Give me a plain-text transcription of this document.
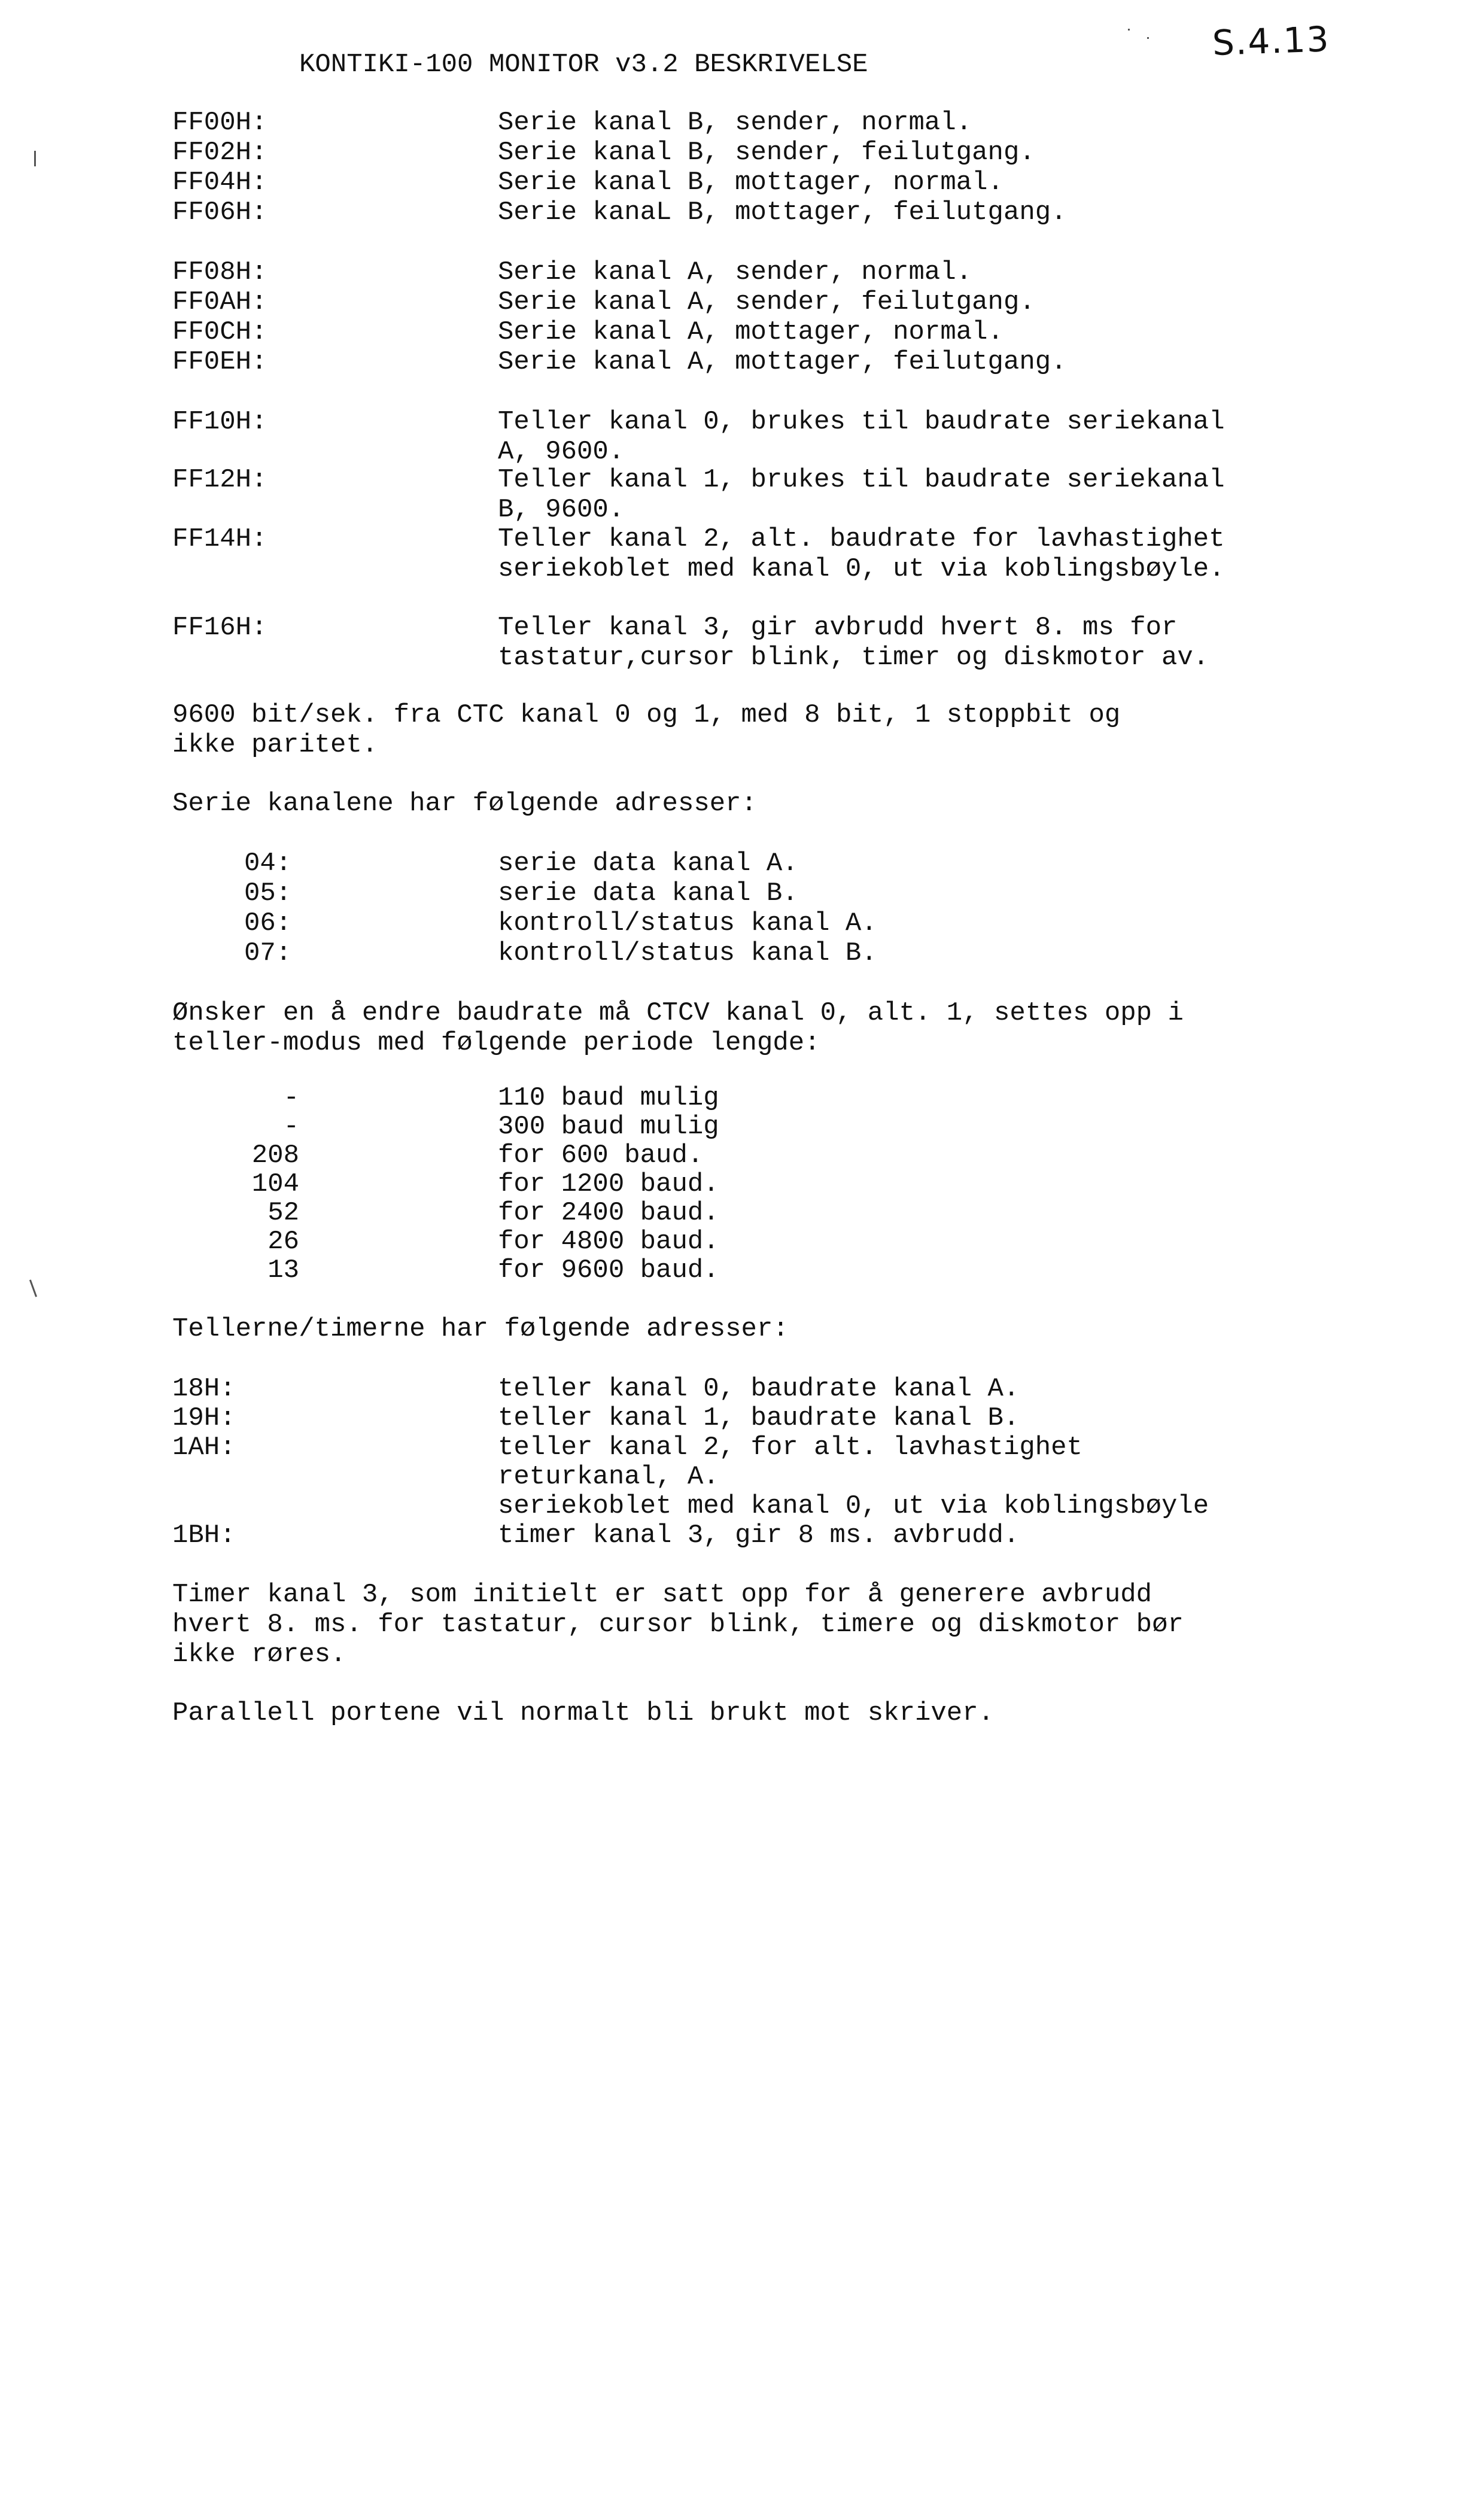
KONTIKI-100 MONITOR v3.2 BESKRIVELSE
S.4.13
FF00H:	Serie kanal B, sender, normal.
FF02H:	Serie kanal B, sender, feilutgang.
FF04H:	Serie kanal B, mottager, normal.
FF06H:	Serie kanaL B, mottager, feilutgang.
FF08H:	Serie kanal A, sender, normal.
FF0AH:	Serie kanal A, sender, feilutgang.
FF0CH:	Serie kanal A, mottager, normal.
FF0EH:	Serie kanal A, mottager, feilutgang.
FF10H:	Teller kanal 0, brukes til baudrate seriekanal
A, 9600.
FF12H:	Teller kanal 1, brukes til baudrate seriekanal
B, 9600.
FF14H:	Teller kanal 2, alt. baudrate for lavhastighet
seriekoblet med kanal 0, ut via koblingsbøyle.
FF16H:	Teller kanal 3, gir avbrudd hvert 8. ms for
tastatur,cursor blink, timer og diskmotor av.
9600 bit/sek. fra CTC kanal 0 og 1, med 8 bit, 1 stoppbit og
ikke paritet.
Serie kanalene har følgende adresser:
04:	serie data kanal A.
05:	serie data kanal B.
06:	kontroll/status kanal A.
07:	kontroll/status kanal B.
Ønsker en å endre baudrate må CTCV kanal 0, alt. 1, settes opp i
teller-modus med følgende periode lengde:
-	110 baud mulig
-	300 baud mulig
208	for 600 baud.
104	for 1200 baud.
52	for 2400 baud.
26	for 4800 baud.
13	for 9600 baud.
Tellerne/timerne har følgende adresser:
18H:	teller kanal 0, baudrate kanal A.
19H:	teller kanal 1, baudrate kanal B.
1AH:	teller kanal 2, for alt. lavhastighet
returkanal, A.
seriekoblet med kanal 0, ut via koblingsbøyle
1BH:	timer kanal 3, gir 8 ms. avbrudd.
Timer kanal 3, som initielt er satt opp for å generere avbrudd
hvert 8. ms. for tastatur, cursor blink, timere og diskmotor bør
ikke røres.
Parallell portene vil normalt bli brukt mot skriver.
